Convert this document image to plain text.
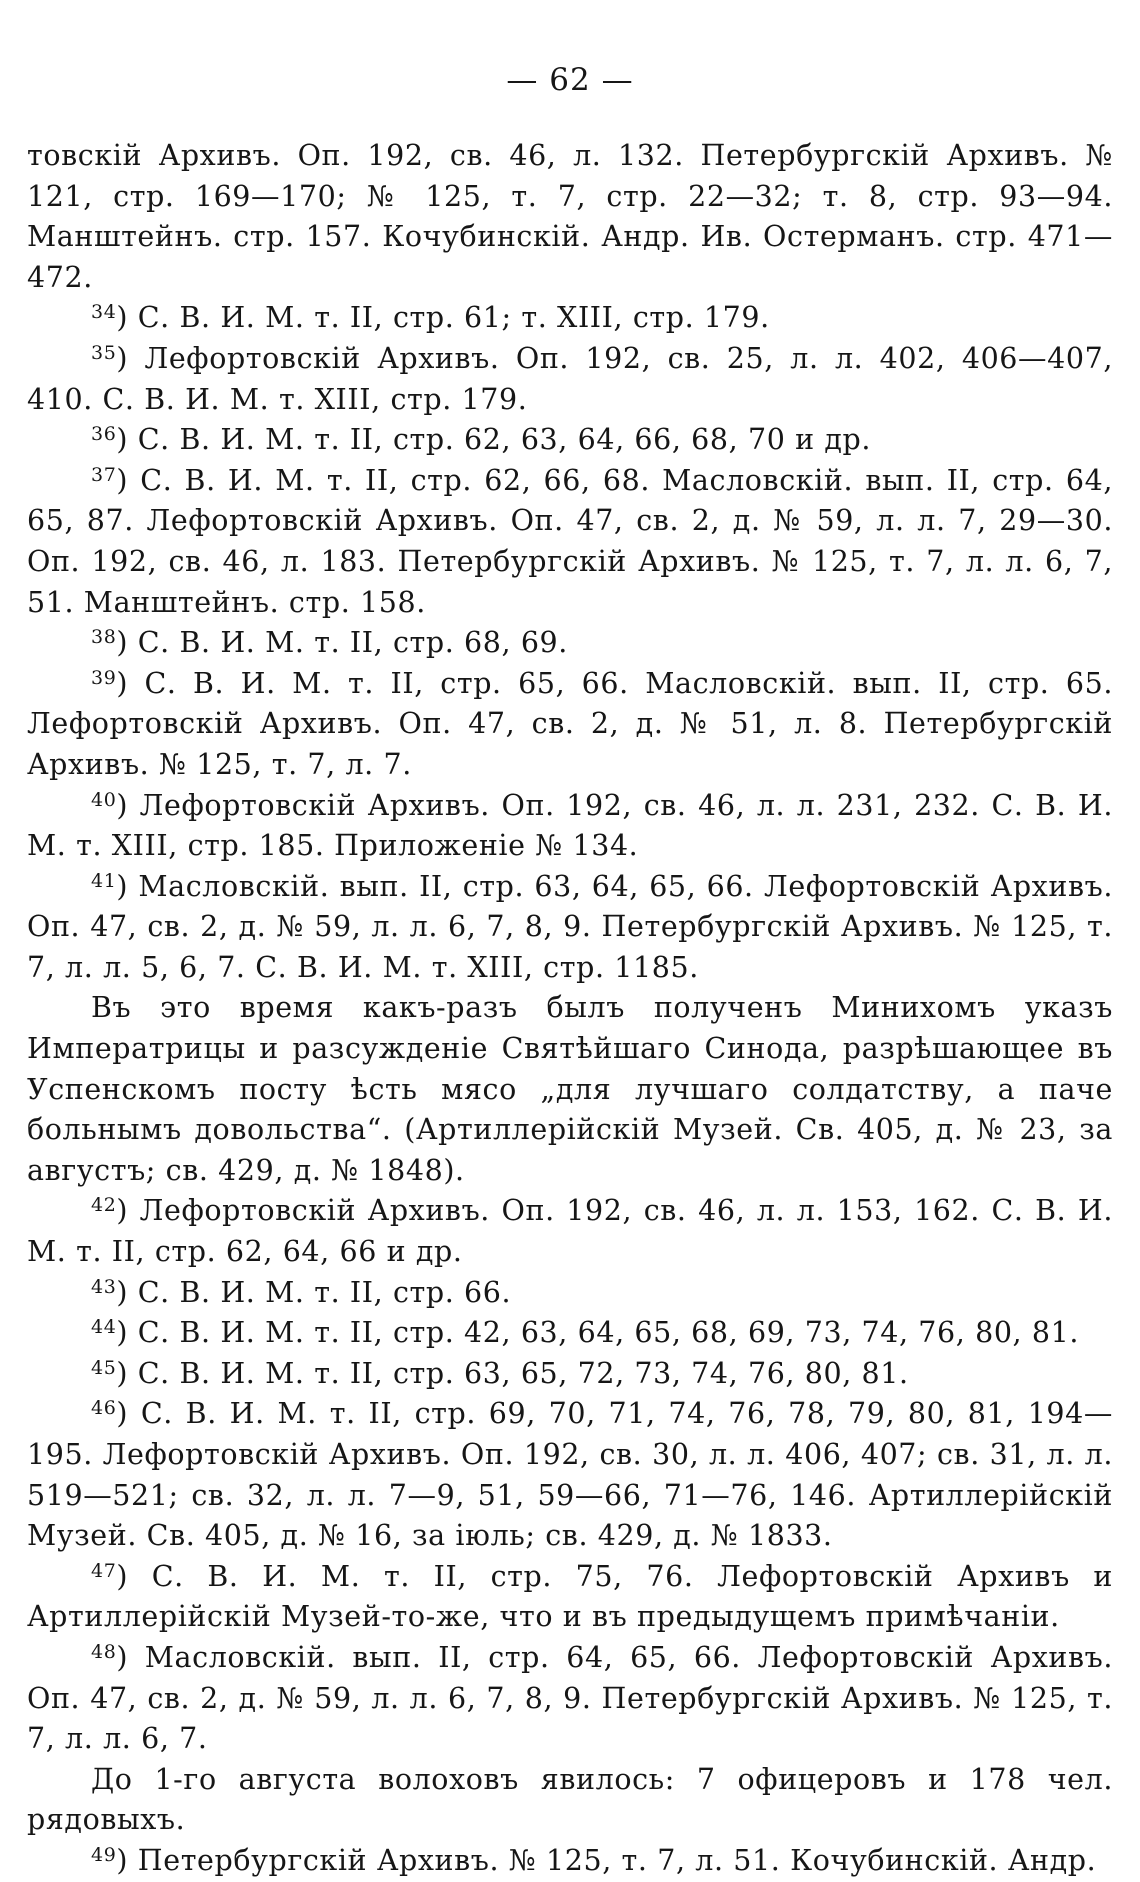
— 62 —

товскій Архивъ. Оп. 192, св. 46, л. 132. Петербургскій Архивъ. № 121, стр. 169—170; № 125, т. 7, стр. 22—32; т. 8, стр. 93—94. Манштейнъ. стр. 157. Кочубинскій. Андр. Ив. Остерманъ. стр. 471—472.

$^{34}$) С. В. И. М. т. II, стр. 61; т. XIII, стр. 179.

$^{35}$) Лефортовскій Архивъ. Оп. 192, св. 25, л. л. 402, 406—407, 410. С. В. И. М. т. XIII, стр. 179.

$^{36}$) С. В. И. М. т. II, стр. 62, 63, 64, 66, 68, 70 и др.

$^{37}$) С. В. И. М. т. II, стр. 62, 66, 68. Масловскій. вып. II, стр. 64, 65, 87. Лефортовскій Архивъ. Оп. 47, св. 2, д. № 59, л. л. 7, 29—30. Оп. 192, св. 46, л. 183. Петербургскій Архивъ. № 125, т. 7, л. л. 6, 7, 51. Манштейнъ. стр. 158.

$^{38}$) С. В. И. М. т. II, стр. 68, 69.

$^{39}$) С. В. И. М. т. II, стр. 65, 66. Масловскій. вып. II, стр. 65. Лефортовскій Архивъ. Оп. 47, св. 2, д. № 51, л. 8. Петербургскій Архивъ. № 125, т. 7, л. 7.

$^{40}$) Лефортовскій Архивъ. Оп. 192, св. 46, л. л. 231, 232. С. В. И. М. т. XIII, стр. 185. Приложеніе № 134.

$^{41}$) Масловскій. вып. II, стр. 63, 64, 65, 66. Лефортовскій Архивъ. Оп. 47, св. 2, д. № 59, л. л. 6, 7, 8, 9. Петербургскій Архивъ. № 125, т. 7, л. л. 5, 6, 7. С. В. И. М. т. XIII, стр. 1185.

Въ это время какъ-разъ былъ полученъ Минихомъ указъ Императрицы и разсужденіе Святѣйшаго Синода, разрѣшающее въ Успенскомъ посту ѣсть мясо „для лучшаго солдатству, а паче больнымъ довольства“. (Артиллерійскій Музей. Св. 405, д. № 23, за августъ; св. 429, д. № 1848).

$^{42}$) Лефортовскій Архивъ. Оп. 192, св. 46, л. л. 153, 162. С. В. И. М. т. II, стр. 62, 64, 66 и др.

$^{43}$) С. В. И. М. т. II, стр. 66.

$^{44}$) С. В. И. М. т. II, стр. 42, 63, 64, 65, 68, 69, 73, 74, 76, 80, 81.

$^{45}$) С. В. И. М. т. II, стр. 63, 65, 72, 73, 74, 76, 80, 81.

$^{46}$) С. В. И. М. т. II, стр. 69, 70, 71, 74, 76, 78, 79, 80, 81, 194—195. Лефортовскій Архивъ. Оп. 192, св. 30, л. л. 406, 407; св. 31, л. л. 519—521; св. 32, л. л. 7—9, 51, 59—66, 71—76, 146. Артиллерійскій Музей. Св. 405, д. № 16, за іюль; св. 429, д. № 1833.

$^{47}$) С. В. И. М. т. II, стр. 75, 76. Лефортовскій Архивъ и Артиллерійскій Музей-то-же, что и въ предыдущемъ примѣчаніи.

$^{48}$) Масловскій. вып. II, стр. 64, 65, 66. Лефортовскій Архивъ. Оп. 47, св. 2, д. № 59, л. л. 6, 7, 8, 9. Петербургскій Архивъ. № 125, т. 7, л. л. 6, 7.

До 1-го августа волоховъ явилось: 7 офицеровъ и 178 чел. рядовыхъ.

$^{49}$) Петербургскій Архивъ. № 125, т. 7, л. 51. Кочубинскій. Андр.
